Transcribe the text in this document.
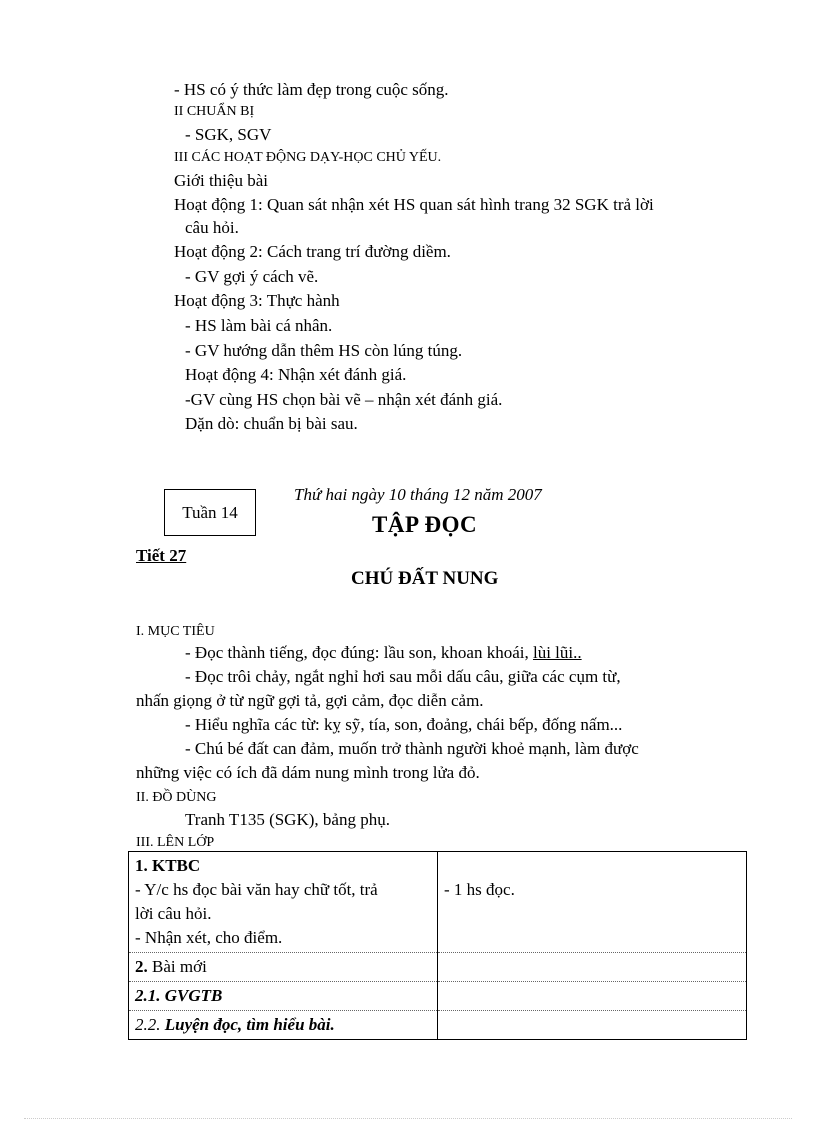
- HS có ý thức làm đẹp trong cuộc sống.
II CHUẨN BỊ
- SGK, SGV
III CÁC HOẠT ĐỘNG DẠY-HỌC CHỦ YẾU.
Giới thiệu bài
Hoạt động 1: Quan sát nhận xét HS quan sát hình trang 32 SGK trả lời
câu hỏi.
Hoạt động 2: Cách trang trí đường diềm.
- GV gợi ý cách vẽ.
Hoạt động 3: Thực hành
- HS làm bài cá nhân.
- GV hướng dẫn thêm HS còn lúng túng.
Hoạt động 4: Nhận xét đánh giá.
-GV cùng HS chọn bài vẽ – nhận xét đánh giá.
Dặn dò: chuẩn bị bài sau.
Tuần 14
Thứ hai ngày 10 tháng 12 năm 2007
TẬP ĐỌC
Tiết 27
CHÚ ĐẤT NUNG
I. MỤC TIÊU
- Đọc thành tiếng, đọc đúng: lầu son, khoan khoái, lùi lũi..
- Đọc trôi chảy, ngắt nghỉ hơi sau mỗi dấu câu, giữa các cụm từ,
nhấn giọng ở từ ngữ gợi tả, gợi cảm, đọc diễn cảm.
- Hiểu nghĩa các từ: kỵ sỹ, tía, son, đoảng, chái bếp, đống nấm...
- Chú bé đất can đảm, muốn trở thành người khoẻ mạnh, làm được
những việc có ích đã dám nung mình trong lửa đỏ.
II. ĐỒ DÙNG
Tranh T135 (SGK), bảng phụ.
III. LÊN LỚP
1. KTBC
- Y/c hs đọc bài văn hay chữ tốt, trả
lời câu hỏi.
- Nhận xét, cho điểm.	- 1 hs đọc.

2. Bài mới	
2.1. GVGTB	
2.2. Luyện đọc, tìm hiểu bài.	
